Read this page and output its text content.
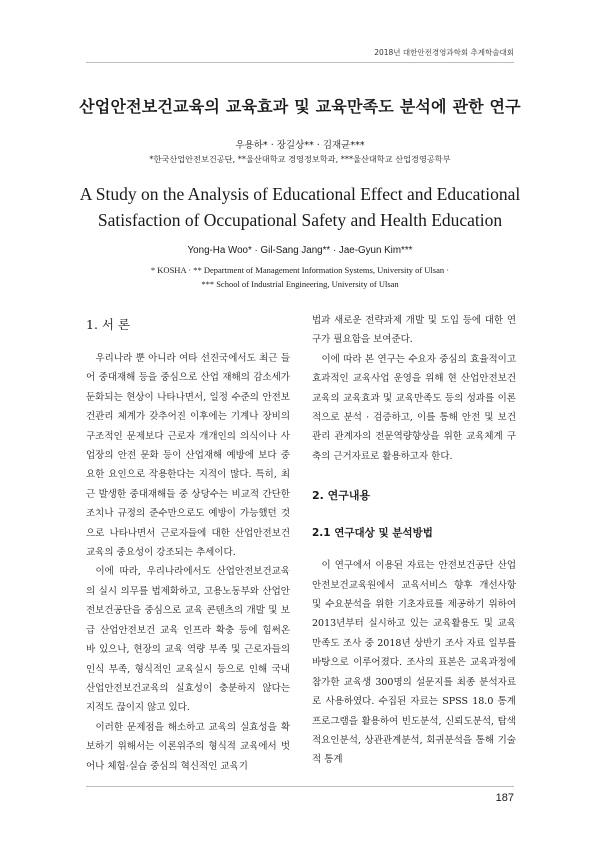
2018년 대한안전경영과학회 추계학술대회
산업안전보건교육의 교육효과 및 교육만족도 분석에 관한 연구
우용하* · 장길상** · 김재균***
*한국산업안전보건공단, **울산대학교 경영정보학과, ***울산대학교 산업경영공학부
A Study on the Analysis of Educational Effect and Educational Satisfaction of Occupational Safety and Health Education
Yong-Ha Woo* · Gil-Sang Jang** · Jae-Gyun Kim***
* KOSHA · ** Department of Management Information Systems, University of Ulsan ·
*** School of Industrial Engineering, University of Ulsan
1. 서 론

우리나라 뿐 아니라 여타 선진국에서도 최근 들어 중대재해 등을 중심으로 산업 재해의 감소세가 둔화되는 현상이 나타나면서, 일정 수준의 안전보건관리 체계가 갖추어진 이후에는 기계나 장비의 구조적인 문제보다 근로자 개개인의 의식이나 사업장의 안전 문화 등이 산업재해 예방에 보다 중요한 요인으로 작용한다는 지적이 많다. 특히, 최근 발생한 중대재해들 중 상당수는 비교적 간단한 조치나 규정의 준수만으로도 예방이 가능했던 것으로 나타나면서 근로자들에 대한 산업안전보건교육의 중요성이 강조되는 추세이다.

이에 따라, 우리나라에서도 산업안전보건교육의 실시 의무를 법제화하고, 고용노동부와 산업안전보건공단을 중심으로 교육 콘텐츠의 개발 및 보급 산업안전보건 교육 인프라 확충 등에 힘써온 바 있으나, 현장의 교육 역량 부족 및 근로자들의 인식 부족, 형식적인 교육실시 등으로 인해 국내 산업안전보건교육의 실효성이 충분하지 않다는 지적도 끊이지 않고 있다.

이러한 문제점을 해소하고 교육의 실효성을 확보하기 위해서는 이론위주의 형식적 교육에서 벗어나 체험·실습 중심의 혁신적인 교육기

법과 새로운 전략과제 개발 및 도입 등에 대한 연구가 필요함을 보여준다.

이에 따라 본 연구는 수요자 중심의 효율적이고 효과적인 교육사업 운영을 위해 현 산업안전보건교육의 교육효과 및 교육만족도 등의 성과를 이론적으로 분석 · 검증하고, 이를 통해 안전 및 보건관리 관계자의 전문역량향상을 위한 교육체계 구축의 근거자료로 활용하고자 한다.

2. 연구내용
2.1 연구대상 및 분석방법

이 연구에서 이용된 자료는 안전보건공단 산업안전보건교육원에서 교육서비스 향후 개선사항 및 수요분석을 위한 기초자료를 제공하기 위하여 2013년부터 실시하고 있는 교육활용도 및 교육만족도 조사 중 2018년 상반기 조사 자료 일부를 바탕으로 이루어졌다. 조사의 표본은 교육과정에 참가한 교육생 300명의 설문지를 최종 분석자료로 사용하였다. 수집된 자료는 SPSS 18.0 통계프로그램을 활용하여 빈도분석, 신뢰도분석, 탐색적요인분석, 상관관계분석, 회귀분석을 통해 기술적 통계

187
